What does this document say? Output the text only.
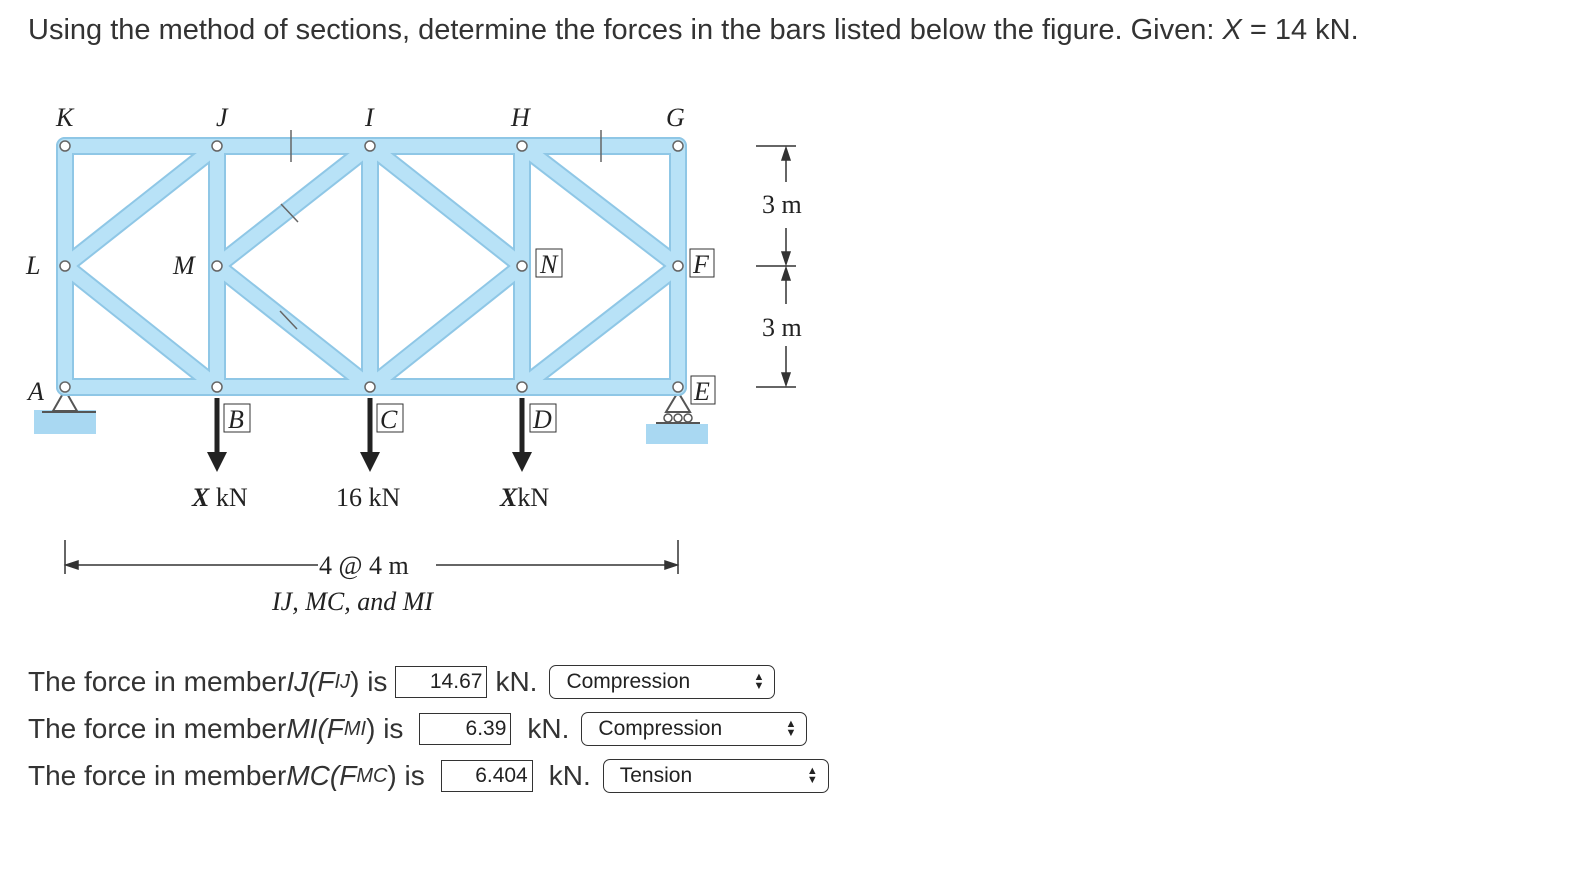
Using the method of sections, determine the forces in the bars listed below the figure. Given: X = 14 kN.
K	J	I	H	G
L	M	N	F
A
B	C	D
E
X kN	16 kN	XkN
3 m
3 m
4 @ 4 m
IJ, MC, and MI
The force in member IJ (F IJ ) is	14.67 kN. Compression	▲
▼
The force in member MI (F MI ) is	6.39 kN. Compression	▲
▼
The force in member MC (F MC ) is	6.404 kN. Tension	▲
▼
